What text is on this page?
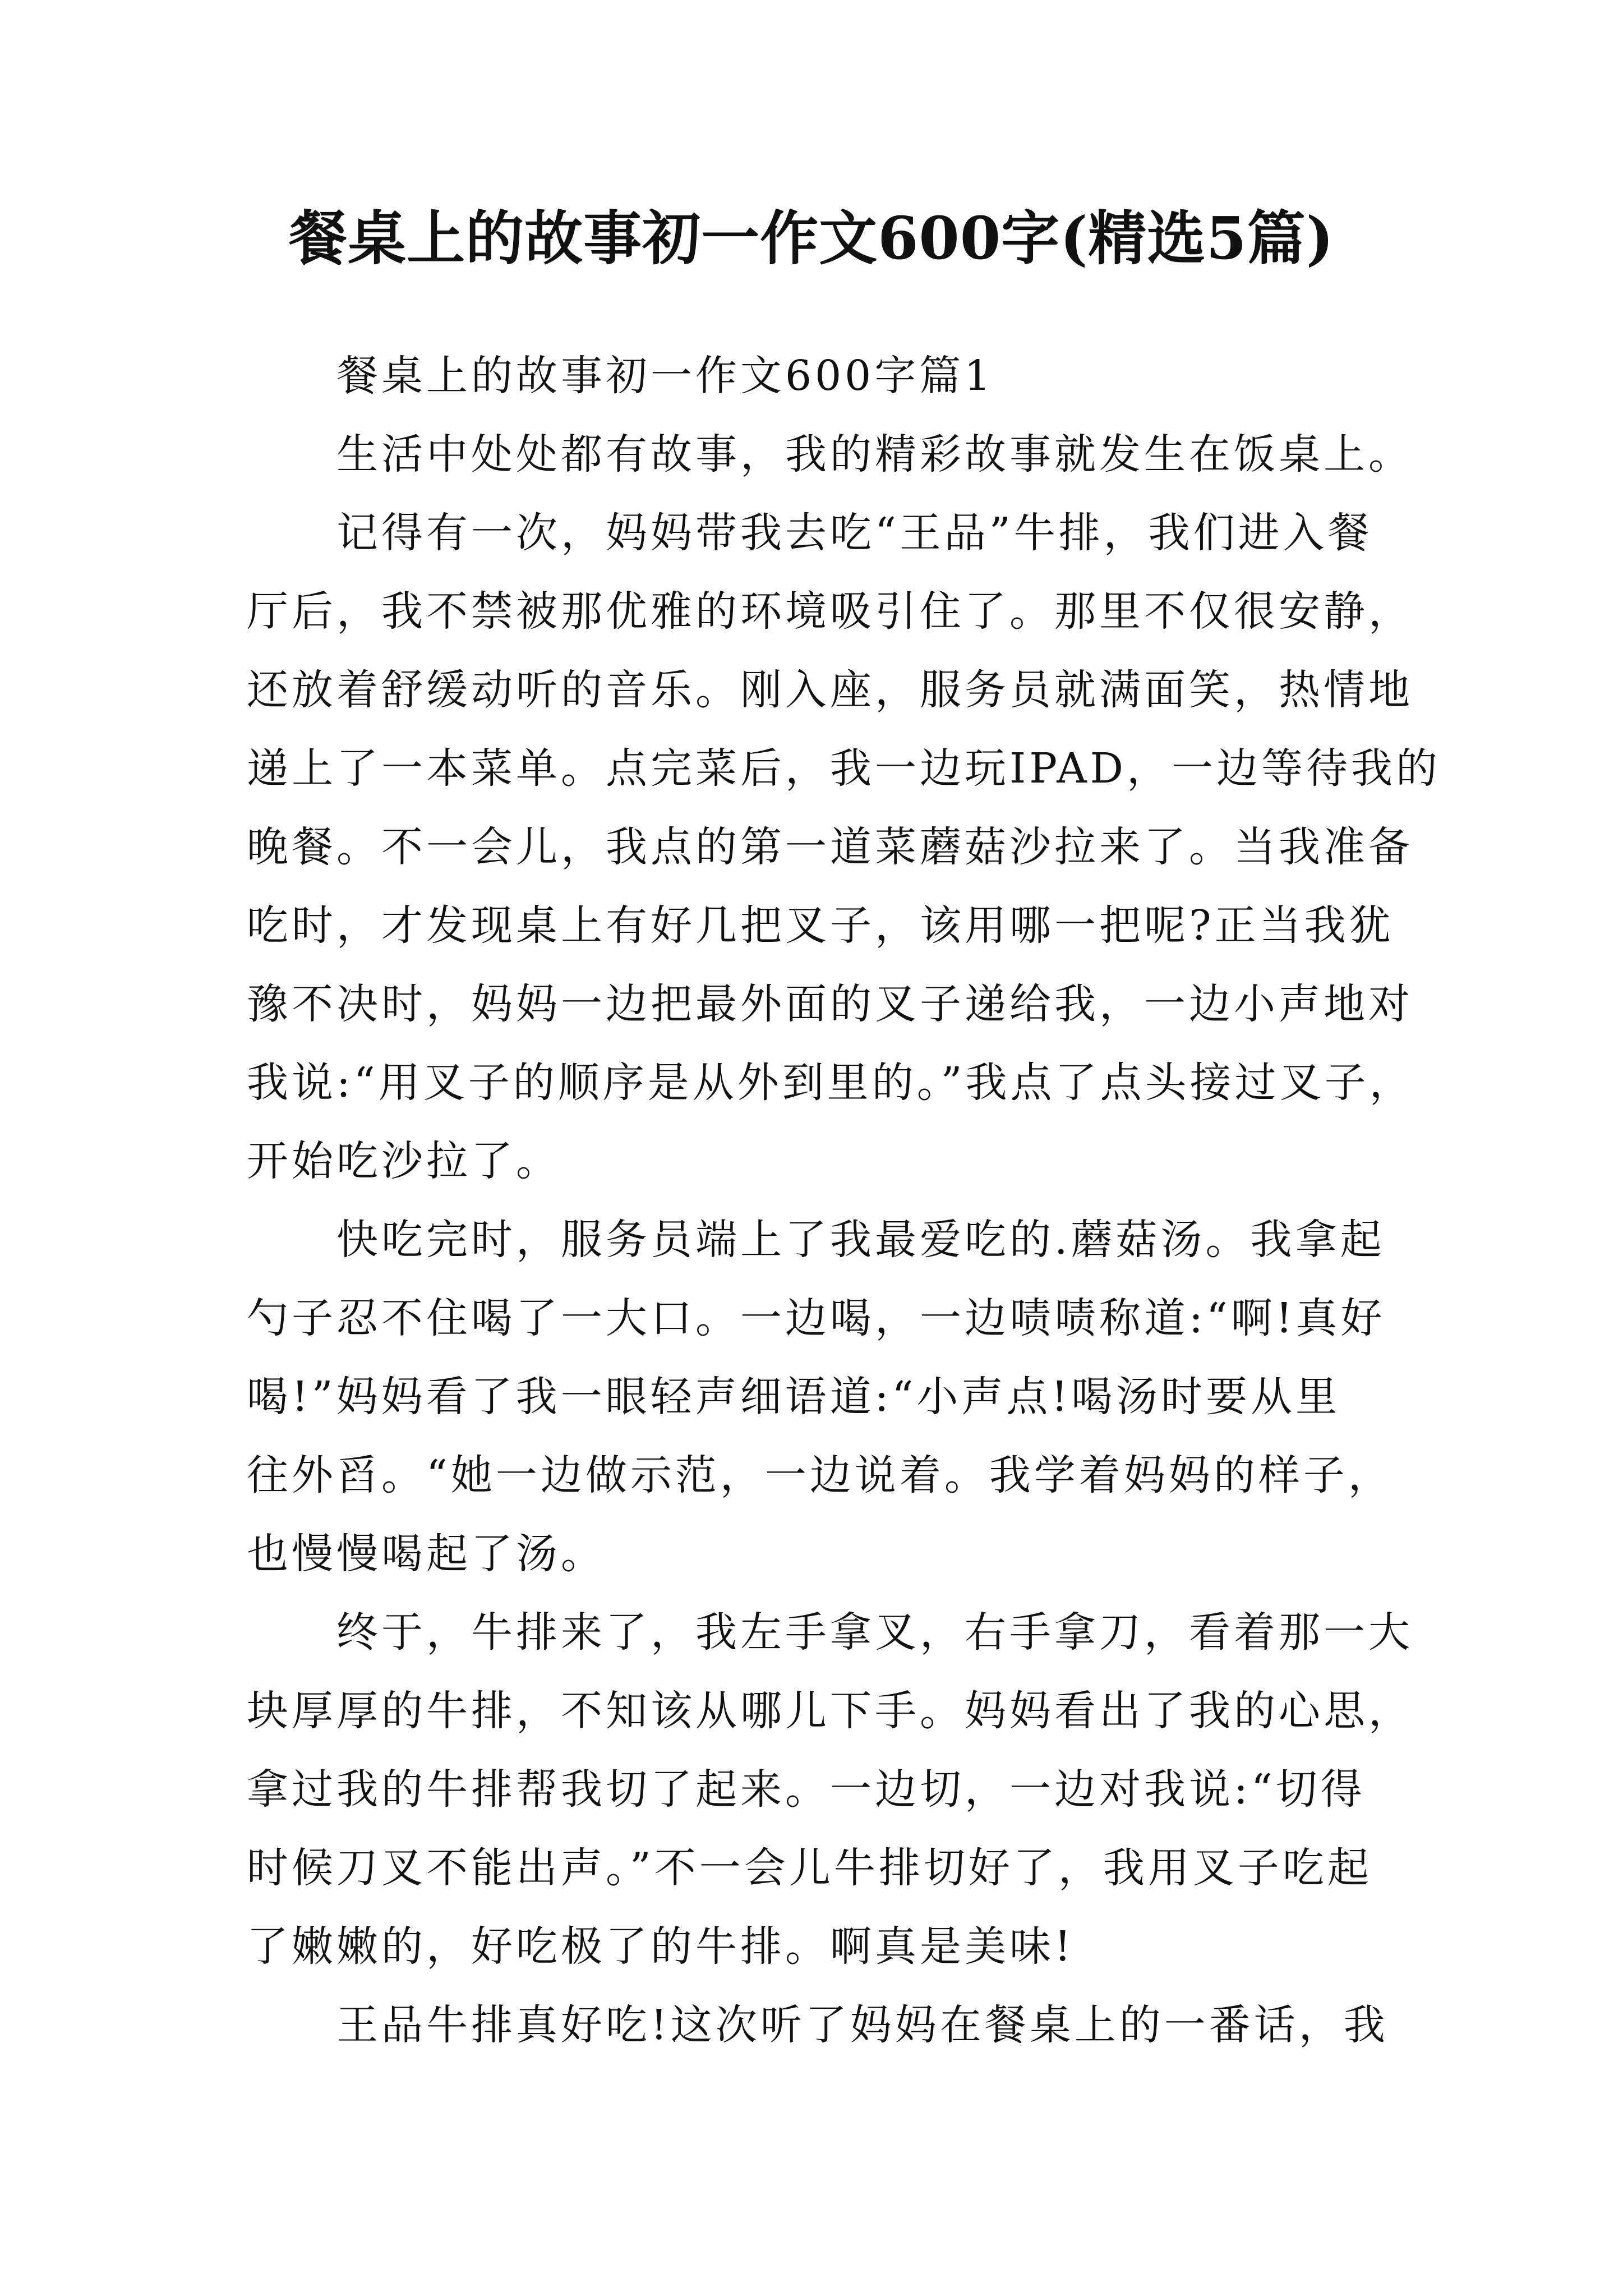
餐桌上的故事初一作文600字(精选5篇)
餐桌上的故事初一作文600字篇1
生活中处处都有故事，我的精彩故事就发生在饭桌上。
记得有一次，妈妈带我去吃“王品”牛排，我们进入餐
厅后，我不禁被那优雅的环境吸引住了。那里不仅很安静，
还放着舒缓动听的音乐。刚入座，服务员就满面笑，热情地
递上了一本菜单。点完菜后，我一边玩IPAD，一边等待我的
晚餐。不一会儿，我点的第一道菜蘑菇沙拉来了。当我准备
吃时，才发现桌上有好几把叉子，该用哪一把呢?正当我犹
豫不决时，妈妈一边把最外面的叉子递给我，一边小声地对
我说:“用叉子的顺序是从外到里的。”我点了点头接过叉子，
开始吃沙拉了。
快吃完时，服务员端上了我最爱吃的.蘑菇汤。我拿起
勺子忍不住喝了一大口。一边喝，一边啧啧称道:“啊!真好
喝!”妈妈看了我一眼轻声细语道:“小声点!喝汤时要从里
往外舀。“她一边做示范，一边说着。我学着妈妈的样子，
也慢慢喝起了汤。
终于，牛排来了，我左手拿叉，右手拿刀，看着那一大
块厚厚的牛排，不知该从哪儿下手。妈妈看出了我的心思，
拿过我的牛排帮我切了起来。一边切，一边对我说:“切得
时候刀叉不能出声。”不一会儿牛排切好了，我用叉子吃起
了嫩嫩的，好吃极了的牛排。啊真是美味!
王品牛排真好吃!这次听了妈妈在餐桌上的一番话，我
